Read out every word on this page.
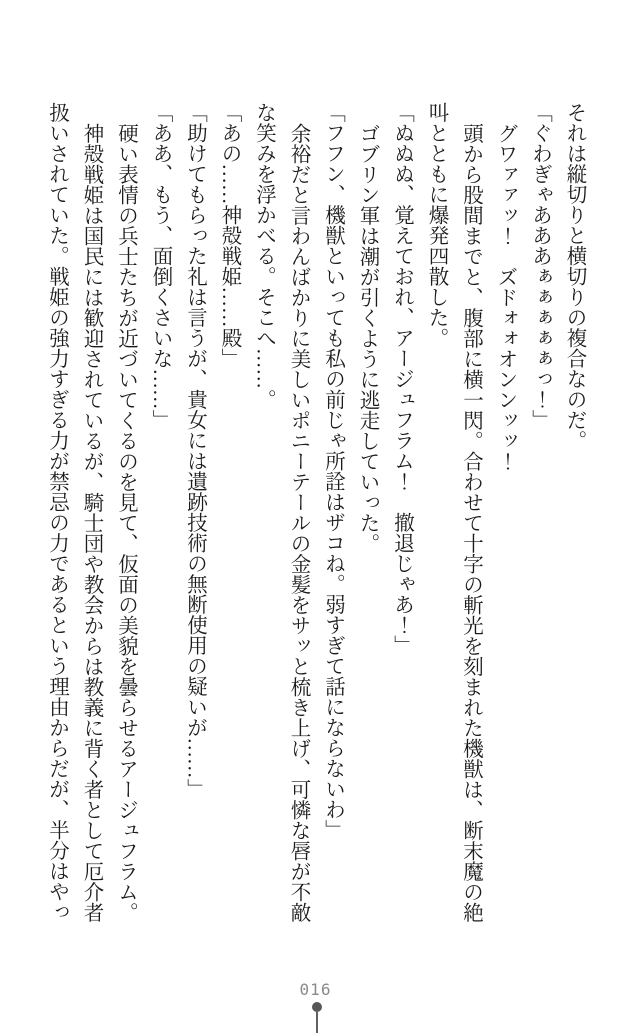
それは縦切りと横切りの複合なのだ。

「ぐわぎゃあああぁぁぁぁぁっ！」

グワァァッ！　ズドォォオンンッッ！

頭から股間までと、腹部に横一閃。合わせて十字の斬光を刻まれた機獣は、断末魔の絶叫とともに爆発四散した。

「ぬぬぬ、覚えておれ、アージュフラム！　撤退じゃあ！」

ゴブリン軍は潮が引くように逃走していった。

「フフン、機獣といっても私の前じゃ所詮はザコね。弱すぎて話にならないわ」

余裕だと言わんばかりに美しいポニーテールの金髪をサッと梳き上げ、可憐な唇が不敵な笑みを浮かべる。そこへ……。

「あの……神殻戦姫……殿」

「助けてもらった礼は言うが、貴女には遺跡技術の無断使用の疑いが……」

「ああ、もう、面倒くさいな……」

硬い表情の兵士たちが近づいてくるのを見て、仮面の美貌を曇らせるアージュフラム。

神殻戦姫は国民には歓迎されているが、騎士団や教会からは教義に背く者として厄介者扱いされていた。戦姫の強力すぎる力が禁忌の力であるという理由からだが、半分はやっ

016
